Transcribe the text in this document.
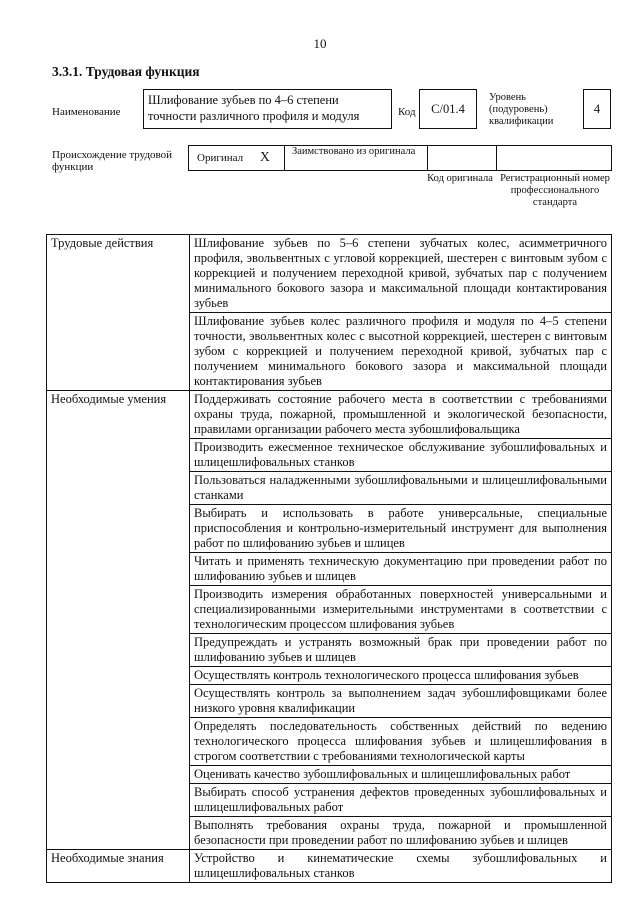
10
3.3.1. Трудовая функция
Наименование
Шлифование зубьев по 4–6 степени точности различного профиля и модуля	Код	C/01.4
Уровень (подуровень) квалификации
4
Происхождение трудовой функции
Оригинал X Заимствовано из оригинала
Код оригинала Регистрационный номер профессионального стандарта
Трудовые действия	Шлифование зубьев по 5–6 степени зубчатых колес, асимметричного профиля, эвольвентных с угловой коррекцией, шестерен с винтовым зубом с коррекцией и получением переходной кривой, зубчатых пар с получением минимального бокового зазора и максимальной площади контактирования зубьев
	Шлифование зубьев колес различного профиля и модуля по 4–5 степени точности, эвольвентных колес с высотной коррекцией, шестерен с винтовым зубом с коррекцией и получением переходной кривой, зубчатых пар с получением минимального бокового зазора и максимальной площади контактирования зубьев
Необходимые умения	Поддерживать состояние рабочего места в соответствии с требованиями охраны труда, пожарной, промышленной и экологической безопасности, правилами организации рабочего места зубошлифовальщика
	Производить ежесменное техническое обслуживание зубошлифовальных и шлицешлифовальных станков
	Пользоваться наладженными зубошлифовальными и шлицешлифовальными станками
	Выбирать и использовать в работе универсальные, специальные приспособления и контрольно-измерительный инструмент для выполнения работ по шлифованию зубьев и шлицев
	Читать и применять техническую документацию при проведении работ по шлифованию зубьев и шлицев
	Производить измерения обработанных поверхностей универсальными и специализированными измерительными инструментами в соответствии с технологическим процессом шлифования зубьев
	Предупреждать и устранять возможный брак при проведении работ по шлифованию зубьев и шлицев
	Осуществлять контроль технологического процесса шлифования зубьев
	Осуществлять контроль за выполнением задач зубошлифовщиками более низкого уровня квалификации
	Определять последовательность собственных действий по ведению технологического процесса шлифования зубьев и шлицешлифования в строгом соответствии с требованиями технологической карты
	Оценивать качество зубошлифовальных и шлицешлифовальных работ
	Выбирать способ устранения дефектов проведенных зубошлифовальных и шлицешлифовальных работ
	Выполнять требования охраны труда, пожарной и промышленной безопасности при проведении работ по шлифованию зубьев и шлицев
Необходимые знания	Устройство и кинематические схемы зубошлифовальных и шлицешлифовальных станков
